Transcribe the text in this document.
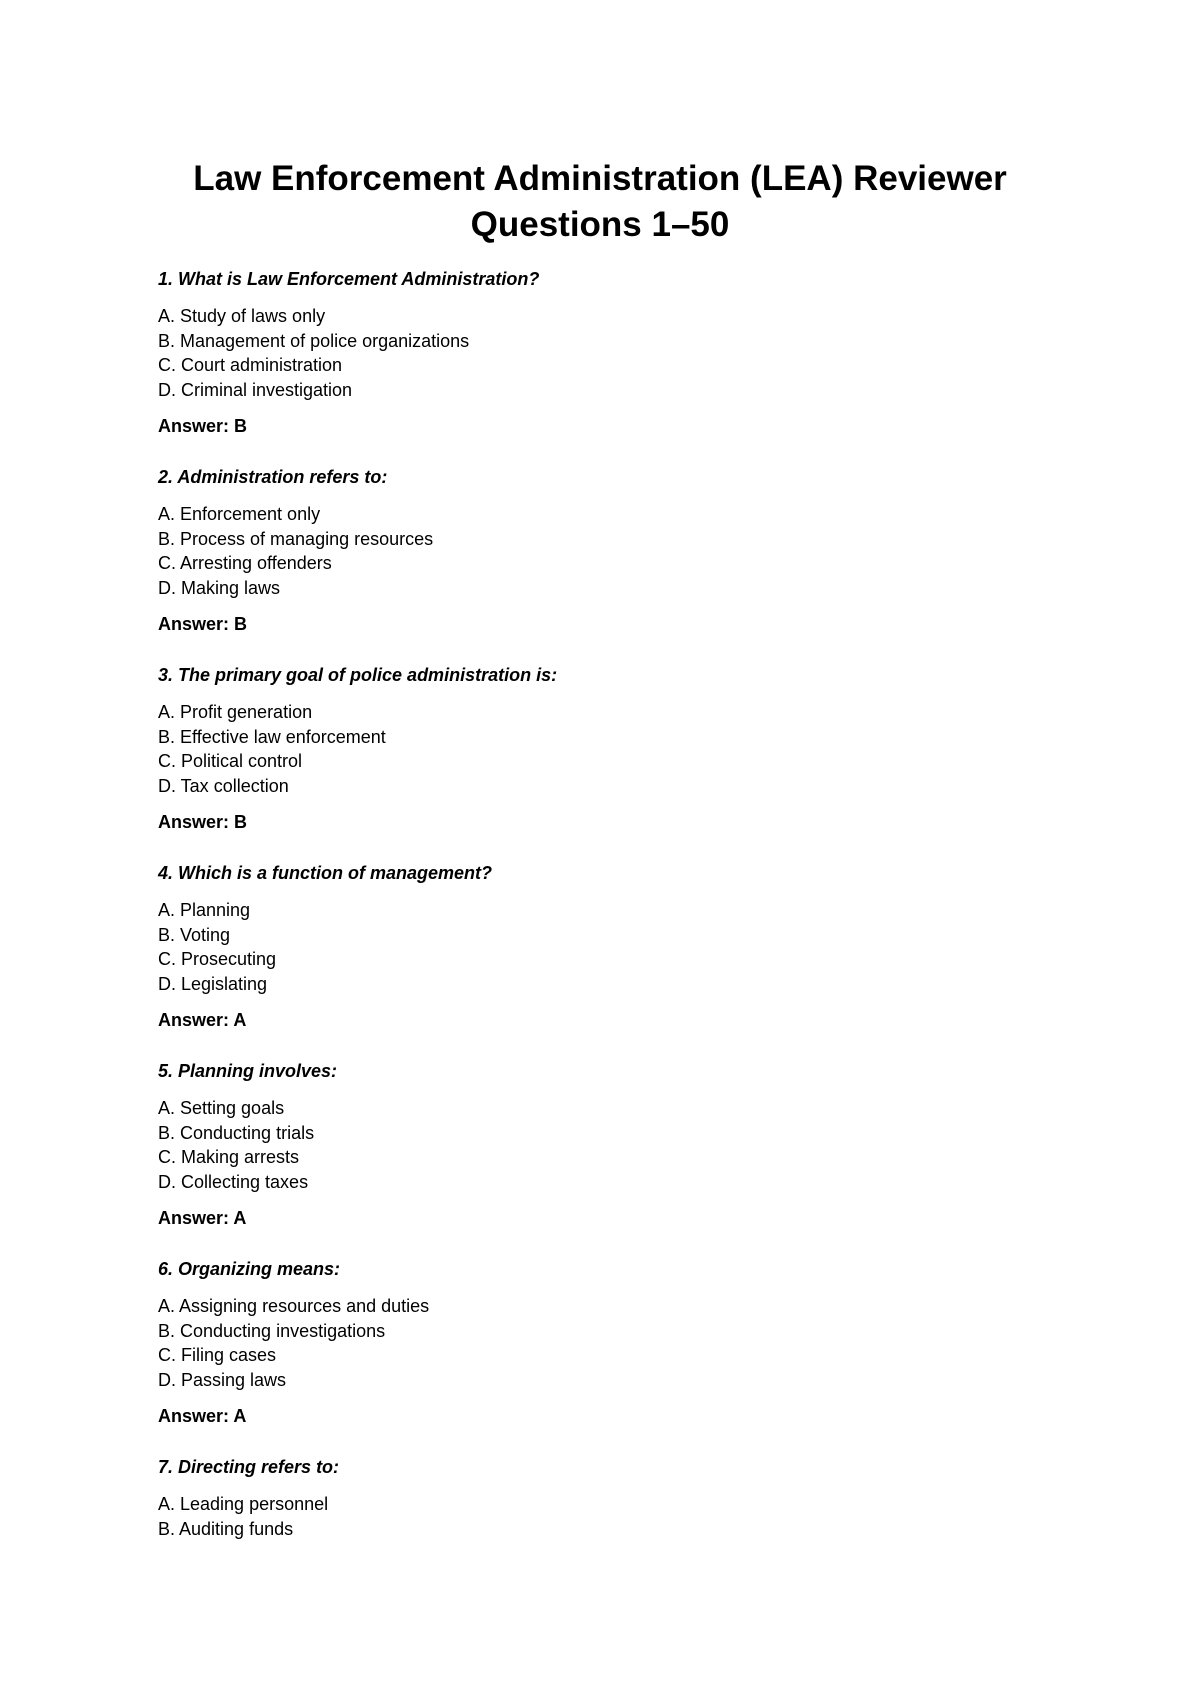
Law Enforcement Administration (LEA) Reviewer
Questions 1–50

1. What is Law Enforcement Administration?

A. Study of laws only
B. Management of police organizations
C. Court administration
D. Criminal investigation
Answer: B

2. Administration refers to:

A. Enforcement only
B. Process of managing resources
C. Arresting offenders
D. Making laws
Answer: B

3. The primary goal of police administration is:

A. Profit generation
B. Effective law enforcement
C. Political control
D. Tax collection
Answer: B

4. Which is a function of management?

A. Planning
B. Voting
C. Prosecuting
D. Legislating
Answer: A

5. Planning involves:

A. Setting goals
B. Conducting trials
C. Making arrests
D. Collecting taxes
Answer: A

6. Organizing means:

A. Assigning resources and duties
B. Conducting investigations
C. Filing cases
D. Passing laws
Answer: A

7. Directing refers to:

A. Leading personnel
B. Auditing funds
